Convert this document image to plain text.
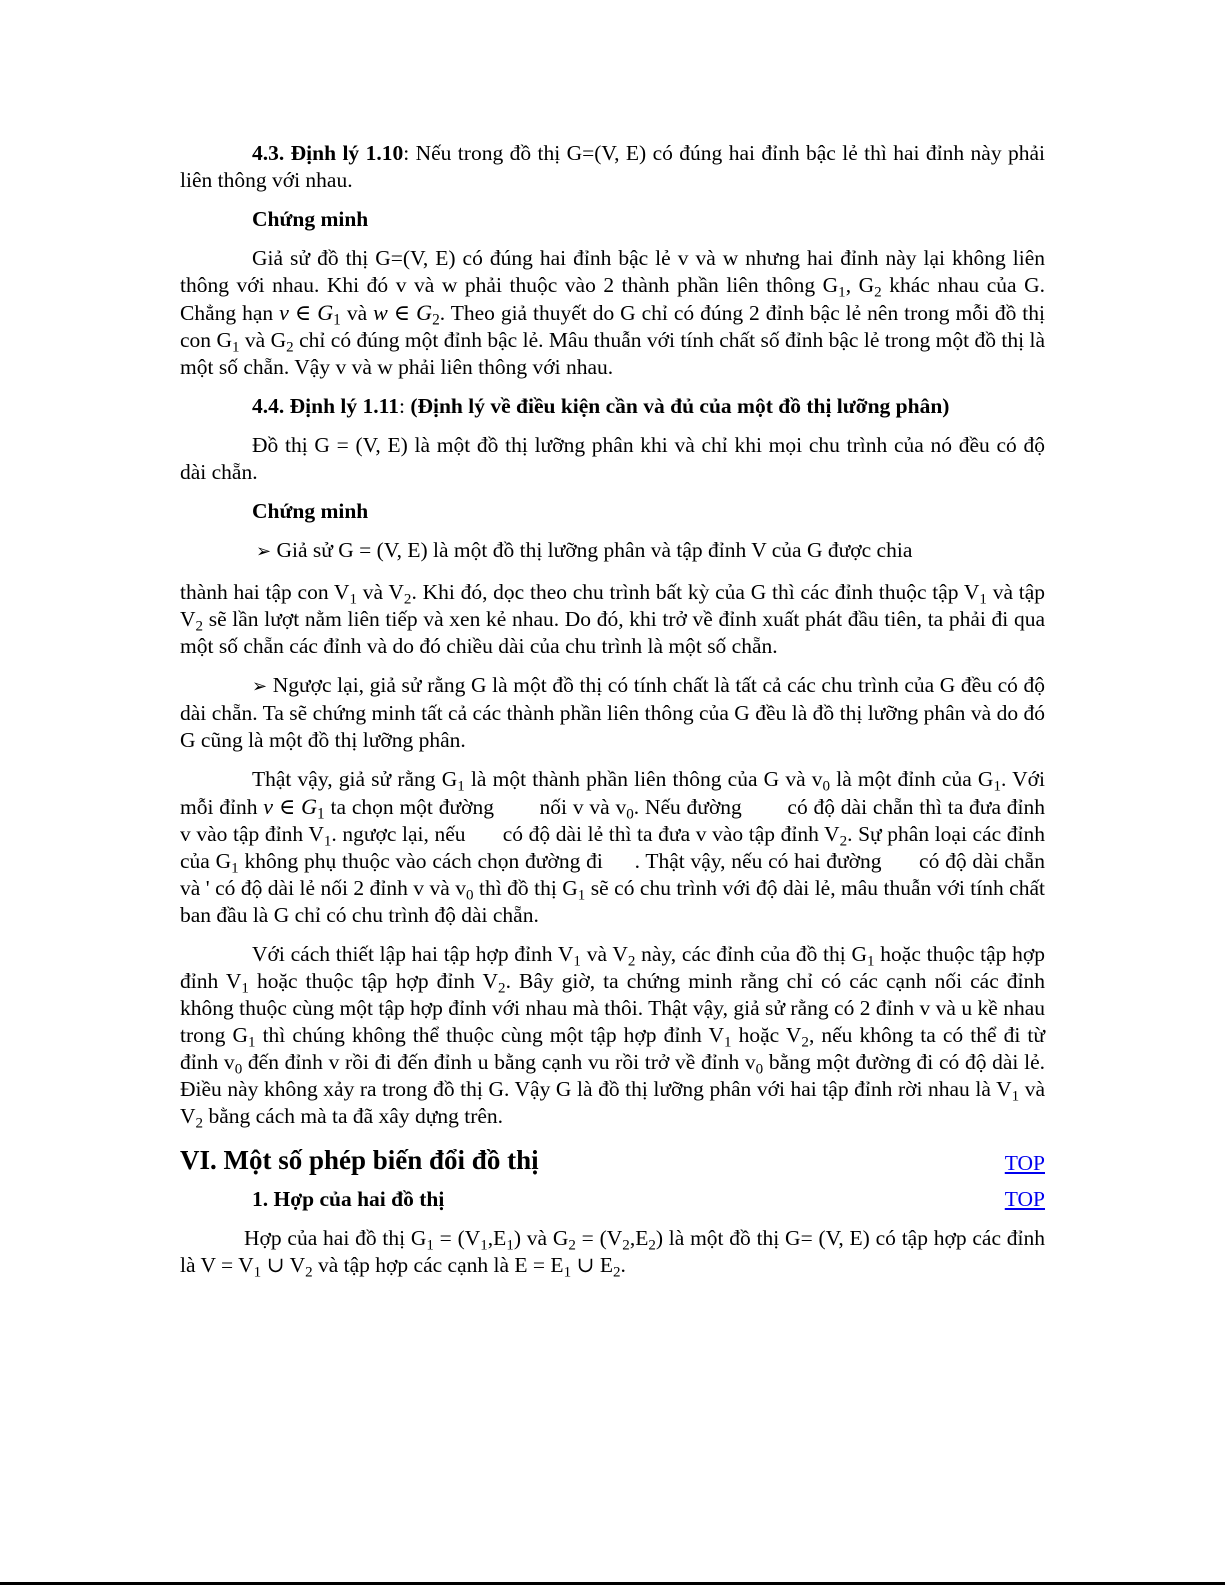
4.3. Định lý 1.10: Nếu trong đồ thị G=(V, E) có đúng hai đỉnh bậc lẻ thì hai đỉnh này phải liên thông với nhau.

Chứng minh

Giả sử đồ thị G=(V, E) có đúng hai đỉnh bậc lẻ v và w nhưng hai đỉnh này lại không liên thông với nhau. Khi đó v và w phải thuộc vào 2 thành phần liên thông $G_1$, $G_2$ khác nhau của G. Chẳng hạn v ∈ $G_1$ và w ∈ $G_2$. Theo giả thuyết do G chỉ có đúng 2 đỉnh bậc lẻ nên trong mỗi đồ thị con $G_1$ và $G_2$ chỉ có đúng một đỉnh bậc lẻ. Mâu thuẫn với tính chất số đỉnh bậc lẻ trong một đồ thị là một số chẵn. Vậy v và w phải liên thông với nhau.

4.4. Định lý 1.11: (Định lý về điều kiện cần và đủ của một đồ thị lưỡng phân)

Đồ thị G = (V, E) là một đồ thị lưỡng phân khi và chỉ khi mọi chu trình của nó đều có độ dài chẵn.

Chứng minh

➢ Giả sử G = (V, E) là một đồ thị lưỡng phân và tập đỉnh V của G được chia

thành hai tập con $V_1$ và $V_2$. Khi đó, dọc theo chu trình bất kỳ của G thì các đỉnh thuộc tập $V_1$ và tập $V_2$ sẽ lần lượt nằm liên tiếp và xen kẻ nhau. Do đó, khi trở về đỉnh xuất phát đầu tiên, ta phải đi qua một số chẵn các đỉnh và do đó chiều dài của chu trình là một số chẵn.

➢ Ngược lại, giả sử rằng G là một đồ thị có tính chất là tất cả các chu trình của G đều có độ dài chẵn. Ta sẽ chứng minh tất cả các thành phần liên thông của G đều là đồ thị lưỡng phân và do đó G cũng là một đồ thị lưỡng phân.

Thật vậy, giả sử rằng $G_1$ là một thành phần liên thông của G và $v_0$ là một đỉnh của $G_1$. Với mỗi đỉnh v ∈ $G_1$ ta chọn một đường  nối v và $v_0$. Nếu đường  có độ dài chẵn thì ta đưa đỉnh v vào tập đỉnh $V_1$. ngược lại, nếu  có độ dài lẻ thì ta đưa v vào tập đỉnh $V_2$. Sự phân loại các đỉnh của $G_1$ không phụ thuộc vào cách chọn đường đi . Thật vậy, nếu có hai đường  có độ dài chẵn và ' có độ dài lẻ nối 2 đỉnh v và $v_0$ thì đồ thị $G_1$ sẽ có chu trình với độ dài lẻ, mâu thuẫn với tính chất ban đầu là G chỉ có chu trình độ dài chẵn.

Với cách thiết lập hai tập hợp đỉnh $V_1$ và $V_2$ này, các đỉnh của đồ thị $G_1$ hoặc thuộc tập hợp đỉnh $V_1$ hoặc thuộc tập hợp đỉnh $V_2$. Bây giờ, ta chứng minh rằng chỉ có các cạnh nối các đỉnh không thuộc cùng một tập hợp đỉnh với nhau mà thôi. Thật vậy, giả sử rằng có 2 đỉnh v và u kề nhau trong $G_1$ thì chúng không thể thuộc cùng một tập hợp đỉnh $V_1$ hoặc $V_2$, nếu không ta có thể đi từ đỉnh $v_0$ đến đỉnh v rồi đi đến đỉnh u bằng cạnh vu rồi trở về đỉnh $v_0$ bằng một đường đi có độ dài lẻ. Điều này không xảy ra trong đồ thị G. Vậy G là đồ thị lưỡng phân với hai tập đỉnh rời nhau là $V_1$ và $V_2$ bằng cách mà ta đã xây dựng trên.

VI. Một số phép biến đổi đồ thị	TOP
1. Hợp của hai đồ thị	TOP

Hợp của hai đồ thị $G_1 = (V_1,E_1)$ và $G_2 = (V_2,E_2)$ là một đồ thị G= (V, E) có tập hợp các đỉnh là $V = V_1$ ∪ $V_2$ và tập hợp các cạnh là $E = E_1$ ∪ $E_2$.
